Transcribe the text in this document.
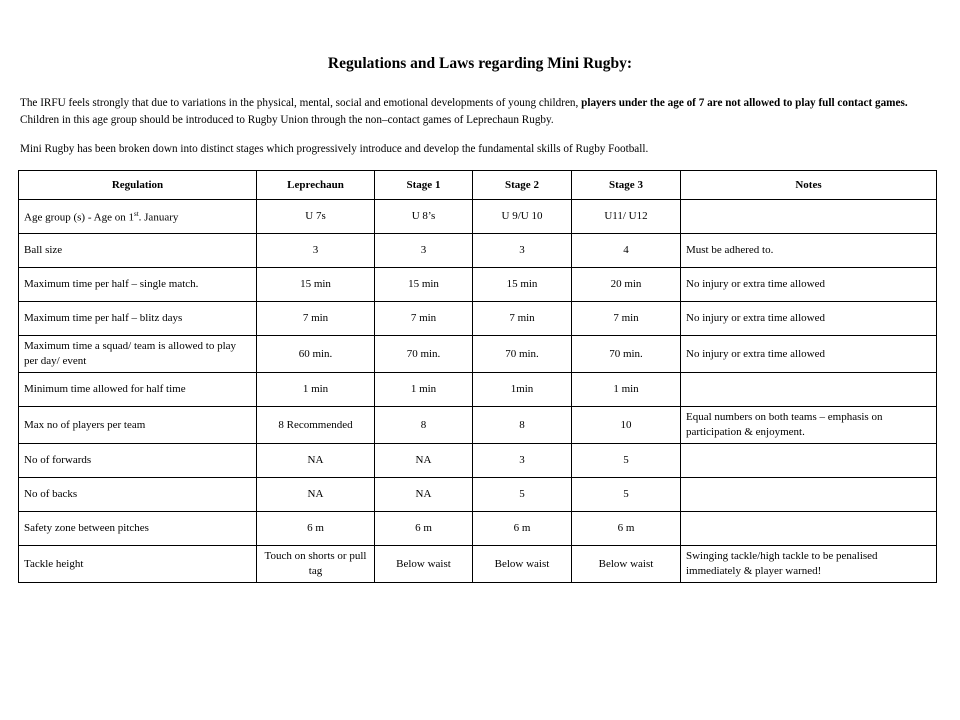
Regulations and Laws regarding Mini Rugby:
The IRFU feels strongly that due to variations in the physical, mental, social and emotional developments of young children, players under the age of 7 are not allowed to play full contact games. Children in this age group should be introduced to Rugby Union through the non–contact games of Leprechaun Rugby.
Mini Rugby has been broken down into distinct stages which progressively introduce and develop the fundamental skills of Rugby Football.
Regulation	Leprechaun	Stage 1	Stage 2	Stage 3	Notes
Age group (s) - Age on 1st. January	U 7s	U 8’s	U 9/U 10	U11/ U12	
Ball size	3	3	3	4	Must be adhered to.
Maximum time per half – single match.	15 min	15 min	15 min	20 min	No injury or extra time allowed
Maximum time per half – blitz days	7 min	7 min	7 min	7 min	No injury or extra time allowed
Maximum time a squad/ team is allowed to play per day/ event	60 min.	70 min.	70 min.	70 min.	No injury or extra time allowed
Minimum time allowed for half time	1 min	1 min	1min	1 min	
Max no of players per team	8 Recommended	8	8	10	Equal numbers on both teams – emphasis on participation & enjoyment.
No of forwards	NA	NA	3	5	
No of backs	NA	NA	5	5	
Safety zone between pitches	6 m	6 m	6 m	6 m	
Tackle height	Touch on shorts or pull tag	Below waist	Below waist	Below waist	Swinging tackle/high tackle to be penalised immediately & player warned!
